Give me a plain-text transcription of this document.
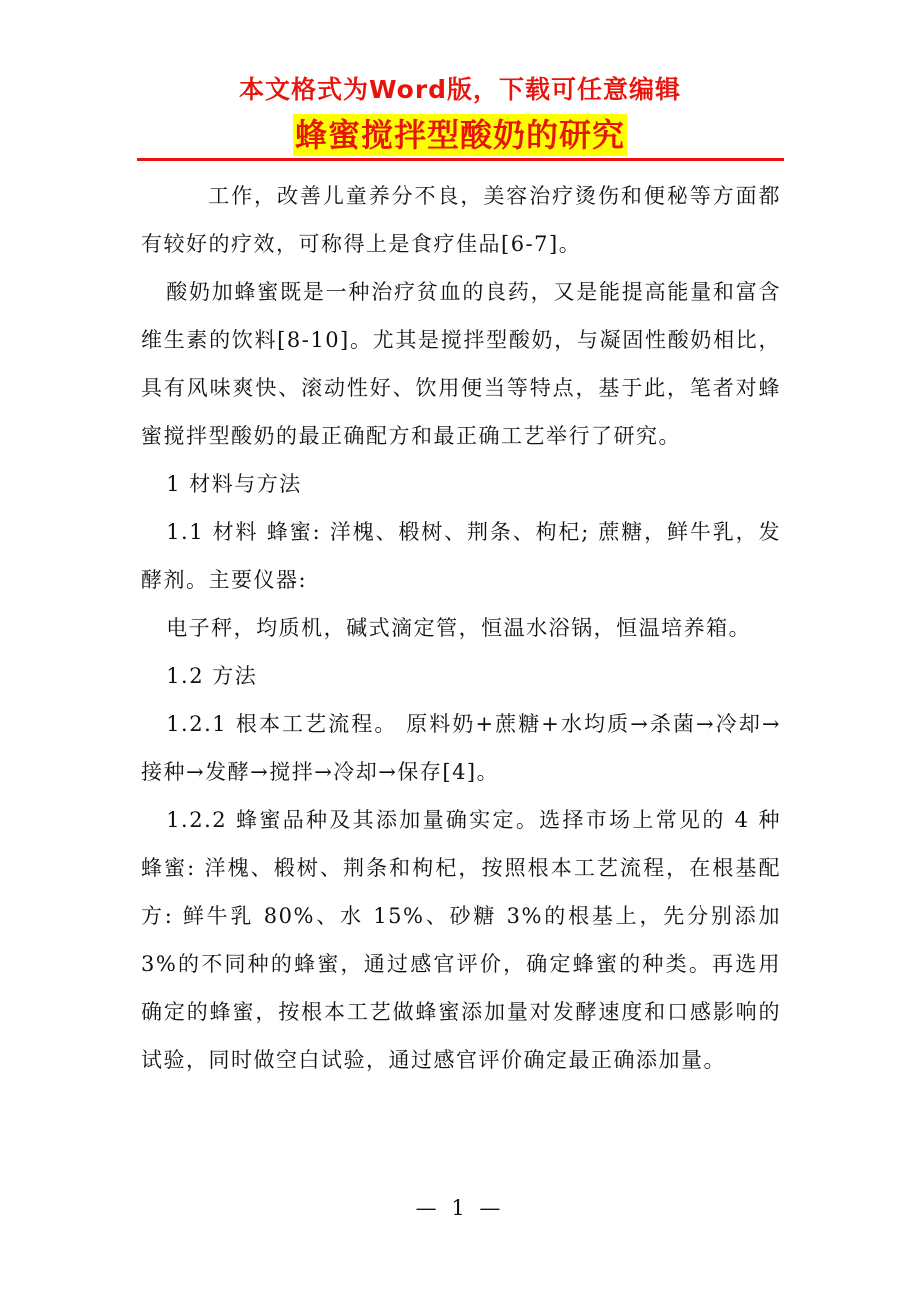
本文格式为Word版，下载可任意编辑
蜂蜜搅拌型酸奶的研究

工作，改善儿童养分不良，美容治疗烫伤和便秘等方面都有较好的疗效，可称得上是食疗佳品[6-7]。

酸奶加蜂蜜既是一种治疗贫血的良药，又是能提高能量和富含维生素的饮料[8-10]。尤其是搅拌型酸奶，与凝固性酸奶相比，具有风味爽快、滚动性好、饮用便当等特点，基于此，笔者对蜂蜜搅拌型酸奶的最正确配方和最正确工艺举行了研究。

1 材料与方法

1.1 材料 蜂蜜: 洋槐、椴树、荆条、枸杞; 蔗糖，鲜牛乳，发酵剂。主要仪器:

电子秤，均质机，碱式滴定管，恒温水浴锅，恒温培养箱。

1.2 方法

1.2.1 根本工艺流程。 原料奶+蔗糖+水均质→杀菌→冷却→接种→发酵→搅拌→冷却→保存[4]。

1.2.2 蜂蜜品种及其添加量确实定。选择市场上常见的 4 种蜂蜜: 洋槐、椴树、荆条和枸杞，按照根本工艺流程，在根基配方: 鲜牛乳 80%、水 15%、砂糖 3%的根基上，先分别添加 3%的不同种的蜂蜜，通过感官评价，确定蜂蜜的种类。再选用确定的蜂蜜，按根本工艺做蜂蜜添加量对发酵速度和口感影响的试验，同时做空白试验，通过感官评价确定最正确添加量。

— 1 —
